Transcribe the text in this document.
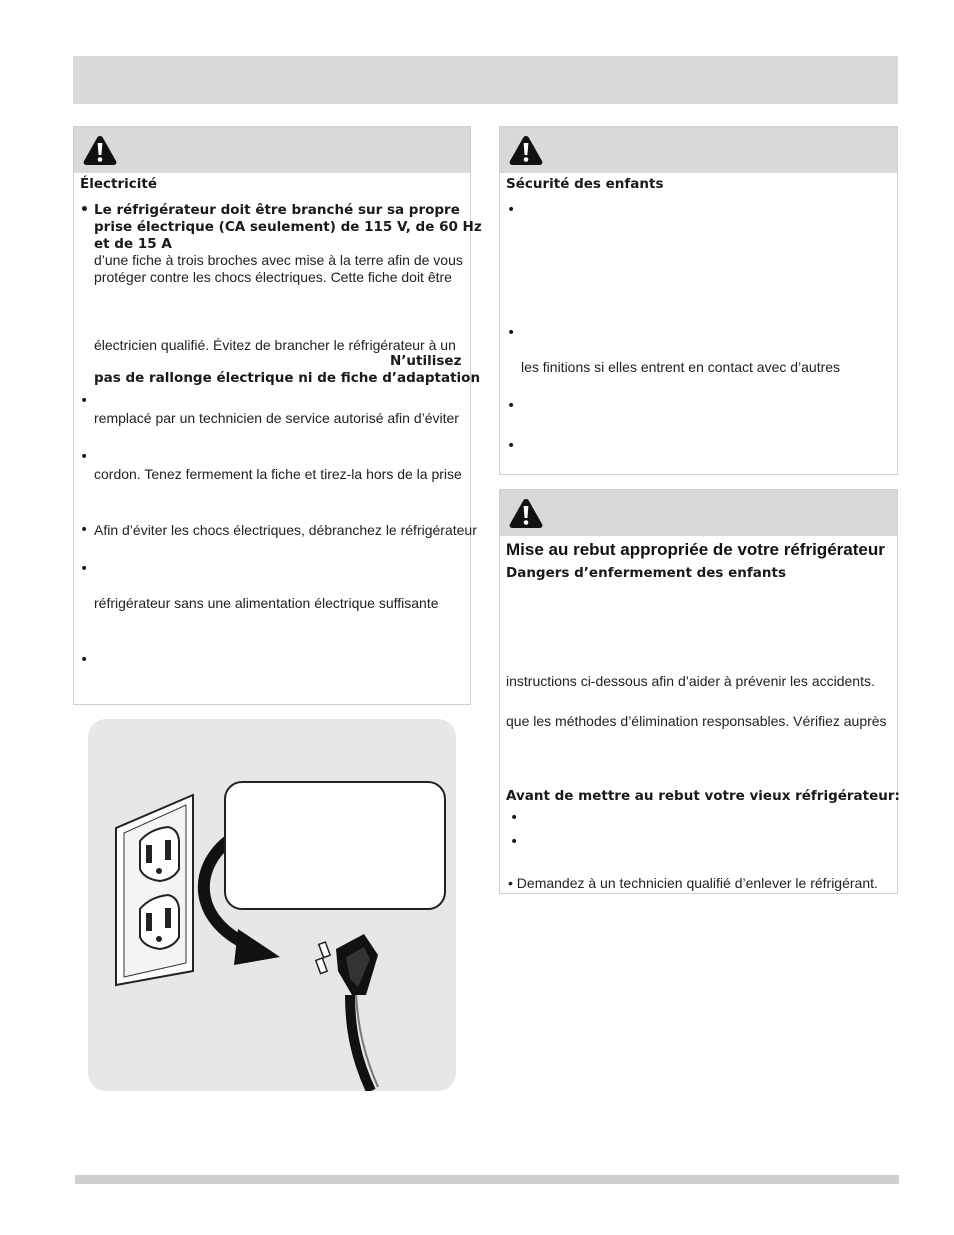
Électricité
• Le réfrigérateur doit être branché sur sa propre
prise électrique (CA seulement) de 115 V, de 60 Hz
et de 15 A
d’une fiche à trois broches avec mise à la terre afin de vous
protéger contre les chocs électriques. Cette fiche doit être
électricien qualifié. Évitez de brancher le réfrigérateur à un
N’utilisez
pas de rallonge électrique ni de fiche d’adaptation
•
remplacé par un technicien de service autorisé afin d’éviter
•
cordon. Tenez fermement la fiche et tirez-la hors de la prise
• Afin d’éviter les chocs électriques, débranchez le réfrigérateur
•
réfrigérateur sans une alimentation électrique suffisante
•
Sécurité des enfants
•
•
les finitions si elles entrent en contact avec d’autres
•
•
Mise au rebut appropriée de votre réfrigérateur
Dangers d’enfermement des enfants
instructions ci-dessous afin d’aider à prévenir les accidents.
que les méthodes d’élimination responsables. Vérifiez auprès
Avant de mettre au rebut votre vieux réfrigérateur:
•
•
• Demandez à un technicien qualifié d’enlever le réfrigérant.
